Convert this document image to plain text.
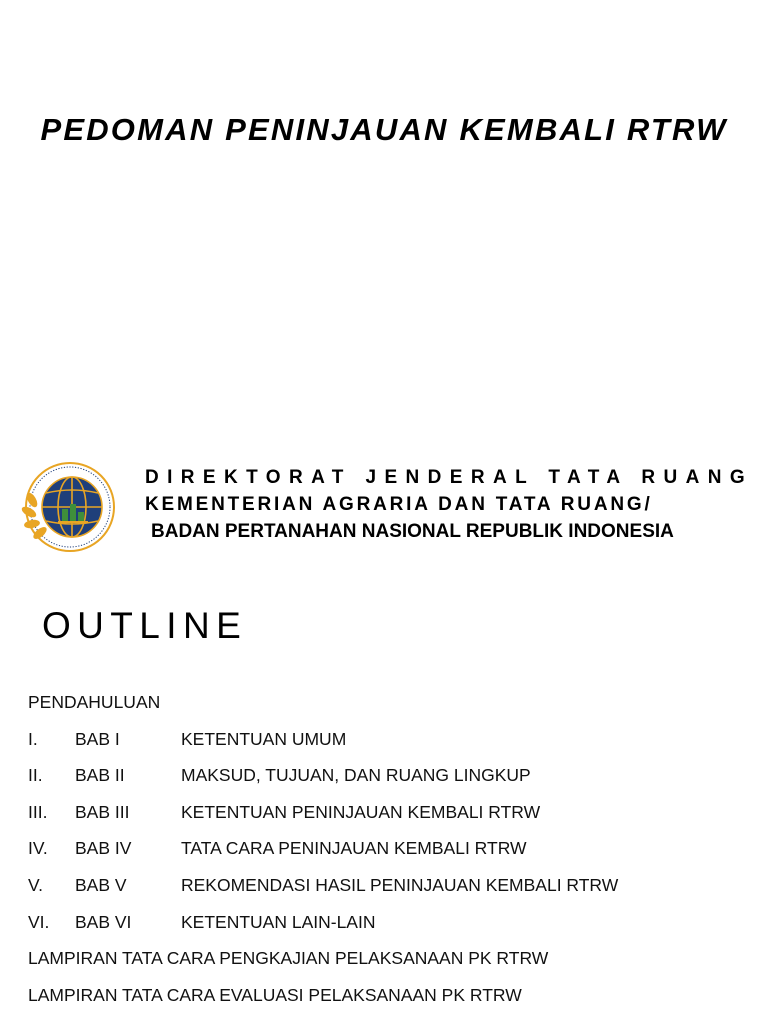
PEDOMAN PENINJAUAN KEMBALI RTRW
DIREKTORAT JENDERAL TATA RUANG
KEMENTERIAN AGRARIA DAN TATA RUANG/
BADAN PERTANAHAN NASIONAL REPUBLIK INDONESIA
OUTLINE
PENDAHULUAN
I. BAB I	KETENTUAN UMUM
II. BAB II	MAKSUD, TUJUAN, DAN RUANG LINGKUP
III. BAB III	KETENTUAN PENINJAUAN KEMBALI RTRW
IV. BAB IV	TATA CARA PENINJAUAN KEMBALI RTRW
V. BAB V	REKOMENDASI HASIL PENINJAUAN KEMBALI RTRW
VI. BAB VI	KETENTUAN LAIN-LAIN
LAMPIRAN TATA CARA PENGKAJIAN PELAKSANAAN PK RTRW
LAMPIRAN TATA CARA EVALUASI PELAKSANAAN PK RTRW
